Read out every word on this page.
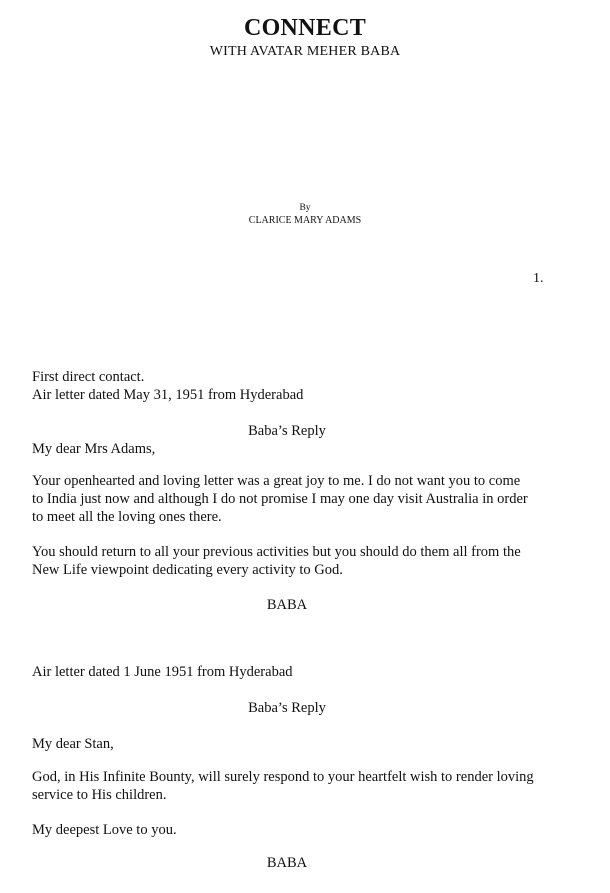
CONNECT
WITH AVATAR MEHER BABA
By
CLARICE MARY ADAMS
1.
First direct contact.
Air letter dated May 31, 1951 from Hyderabad
Baba’s Reply
My dear Mrs Adams,
Your openhearted and loving letter was a great joy to me. I do not want you to come
to India just now and although I do not promise I may one day visit Australia in order
to meet all the loving ones there.
You should return to all your previous activities but you should do them all from the
New Life viewpoint dedicating every activity to God.
BABA
Air letter dated 1 June 1951 from Hyderabad
Baba’s Reply
My dear Stan,
God, in His Infinite Bounty, will surely respond to your heartfelt wish to render loving
service to His children.
My deepest Love to you.
BABA
